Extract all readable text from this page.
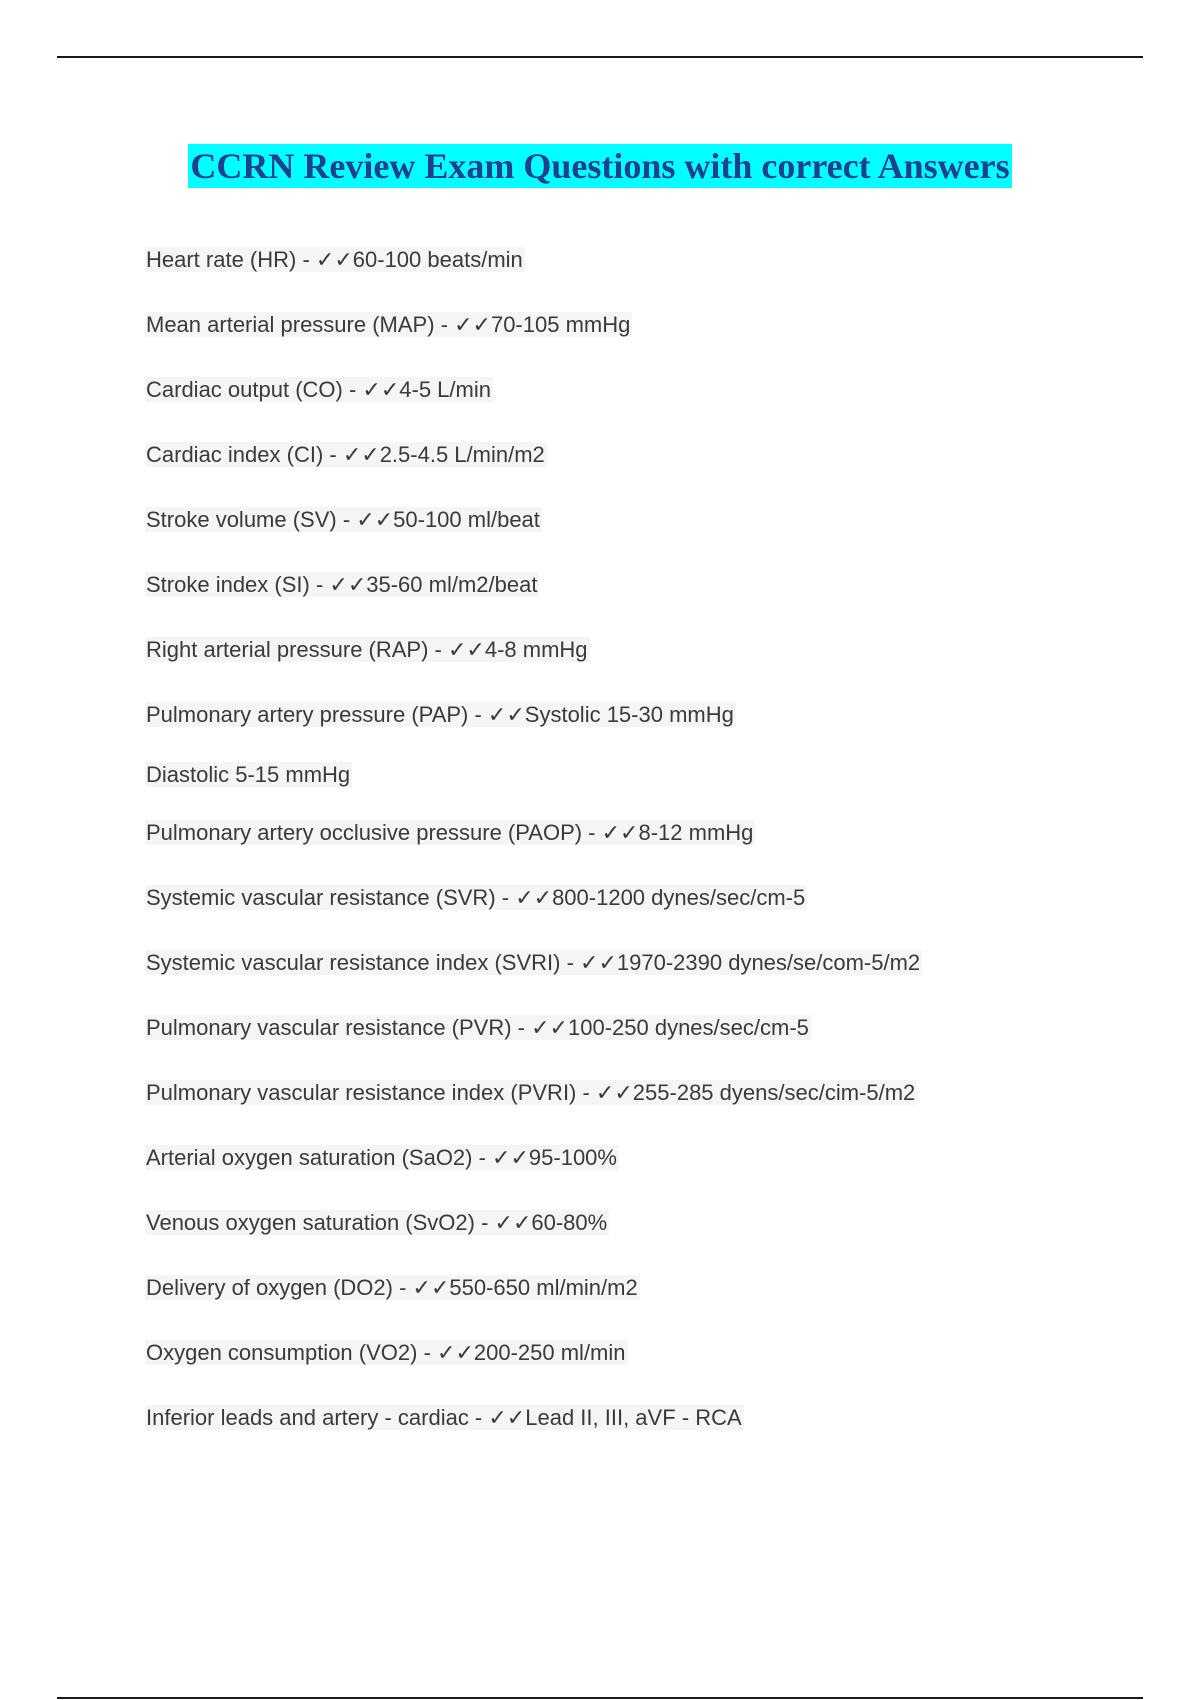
CCRN Review Exam Questions with correct Answers
Heart rate (HR) - ✓✓60-100 beats/min
Mean arterial pressure (MAP) - ✓✓70-105 mmHg
Cardiac output (CO) - ✓✓4-5 L/min
Cardiac index (CI) - ✓✓2.5-4.5 L/min/m2
Stroke volume (SV) - ✓✓50-100 ml/beat
Stroke index (SI) - ✓✓35-60 ml/m2/beat
Right arterial pressure (RAP) - ✓✓4-8 mmHg
Pulmonary artery pressure (PAP) - ✓✓Systolic 15-30 mmHg
Diastolic 5-15 mmHg
Pulmonary artery occlusive pressure (PAOP) - ✓✓8-12 mmHg
Systemic vascular resistance (SVR) - ✓✓800-1200 dynes/sec/cm-5
Systemic vascular resistance index (SVRI) - ✓✓1970-2390 dynes/se/com-5/m2
Pulmonary vascular resistance (PVR) - ✓✓100-250 dynes/sec/cm-5
Pulmonary vascular resistance index (PVRI) - ✓✓255-285 dyens/sec/cim-5/m2
Arterial oxygen saturation (SaO2) - ✓✓95-100%
Venous oxygen saturation (SvO2) - ✓✓60-80%
Delivery of oxygen (DO2) - ✓✓550-650 ml/min/m2
Oxygen consumption (VO2) - ✓✓200-250 ml/min
Inferior leads and artery - cardiac - ✓✓Lead II, III, aVF - RCA
